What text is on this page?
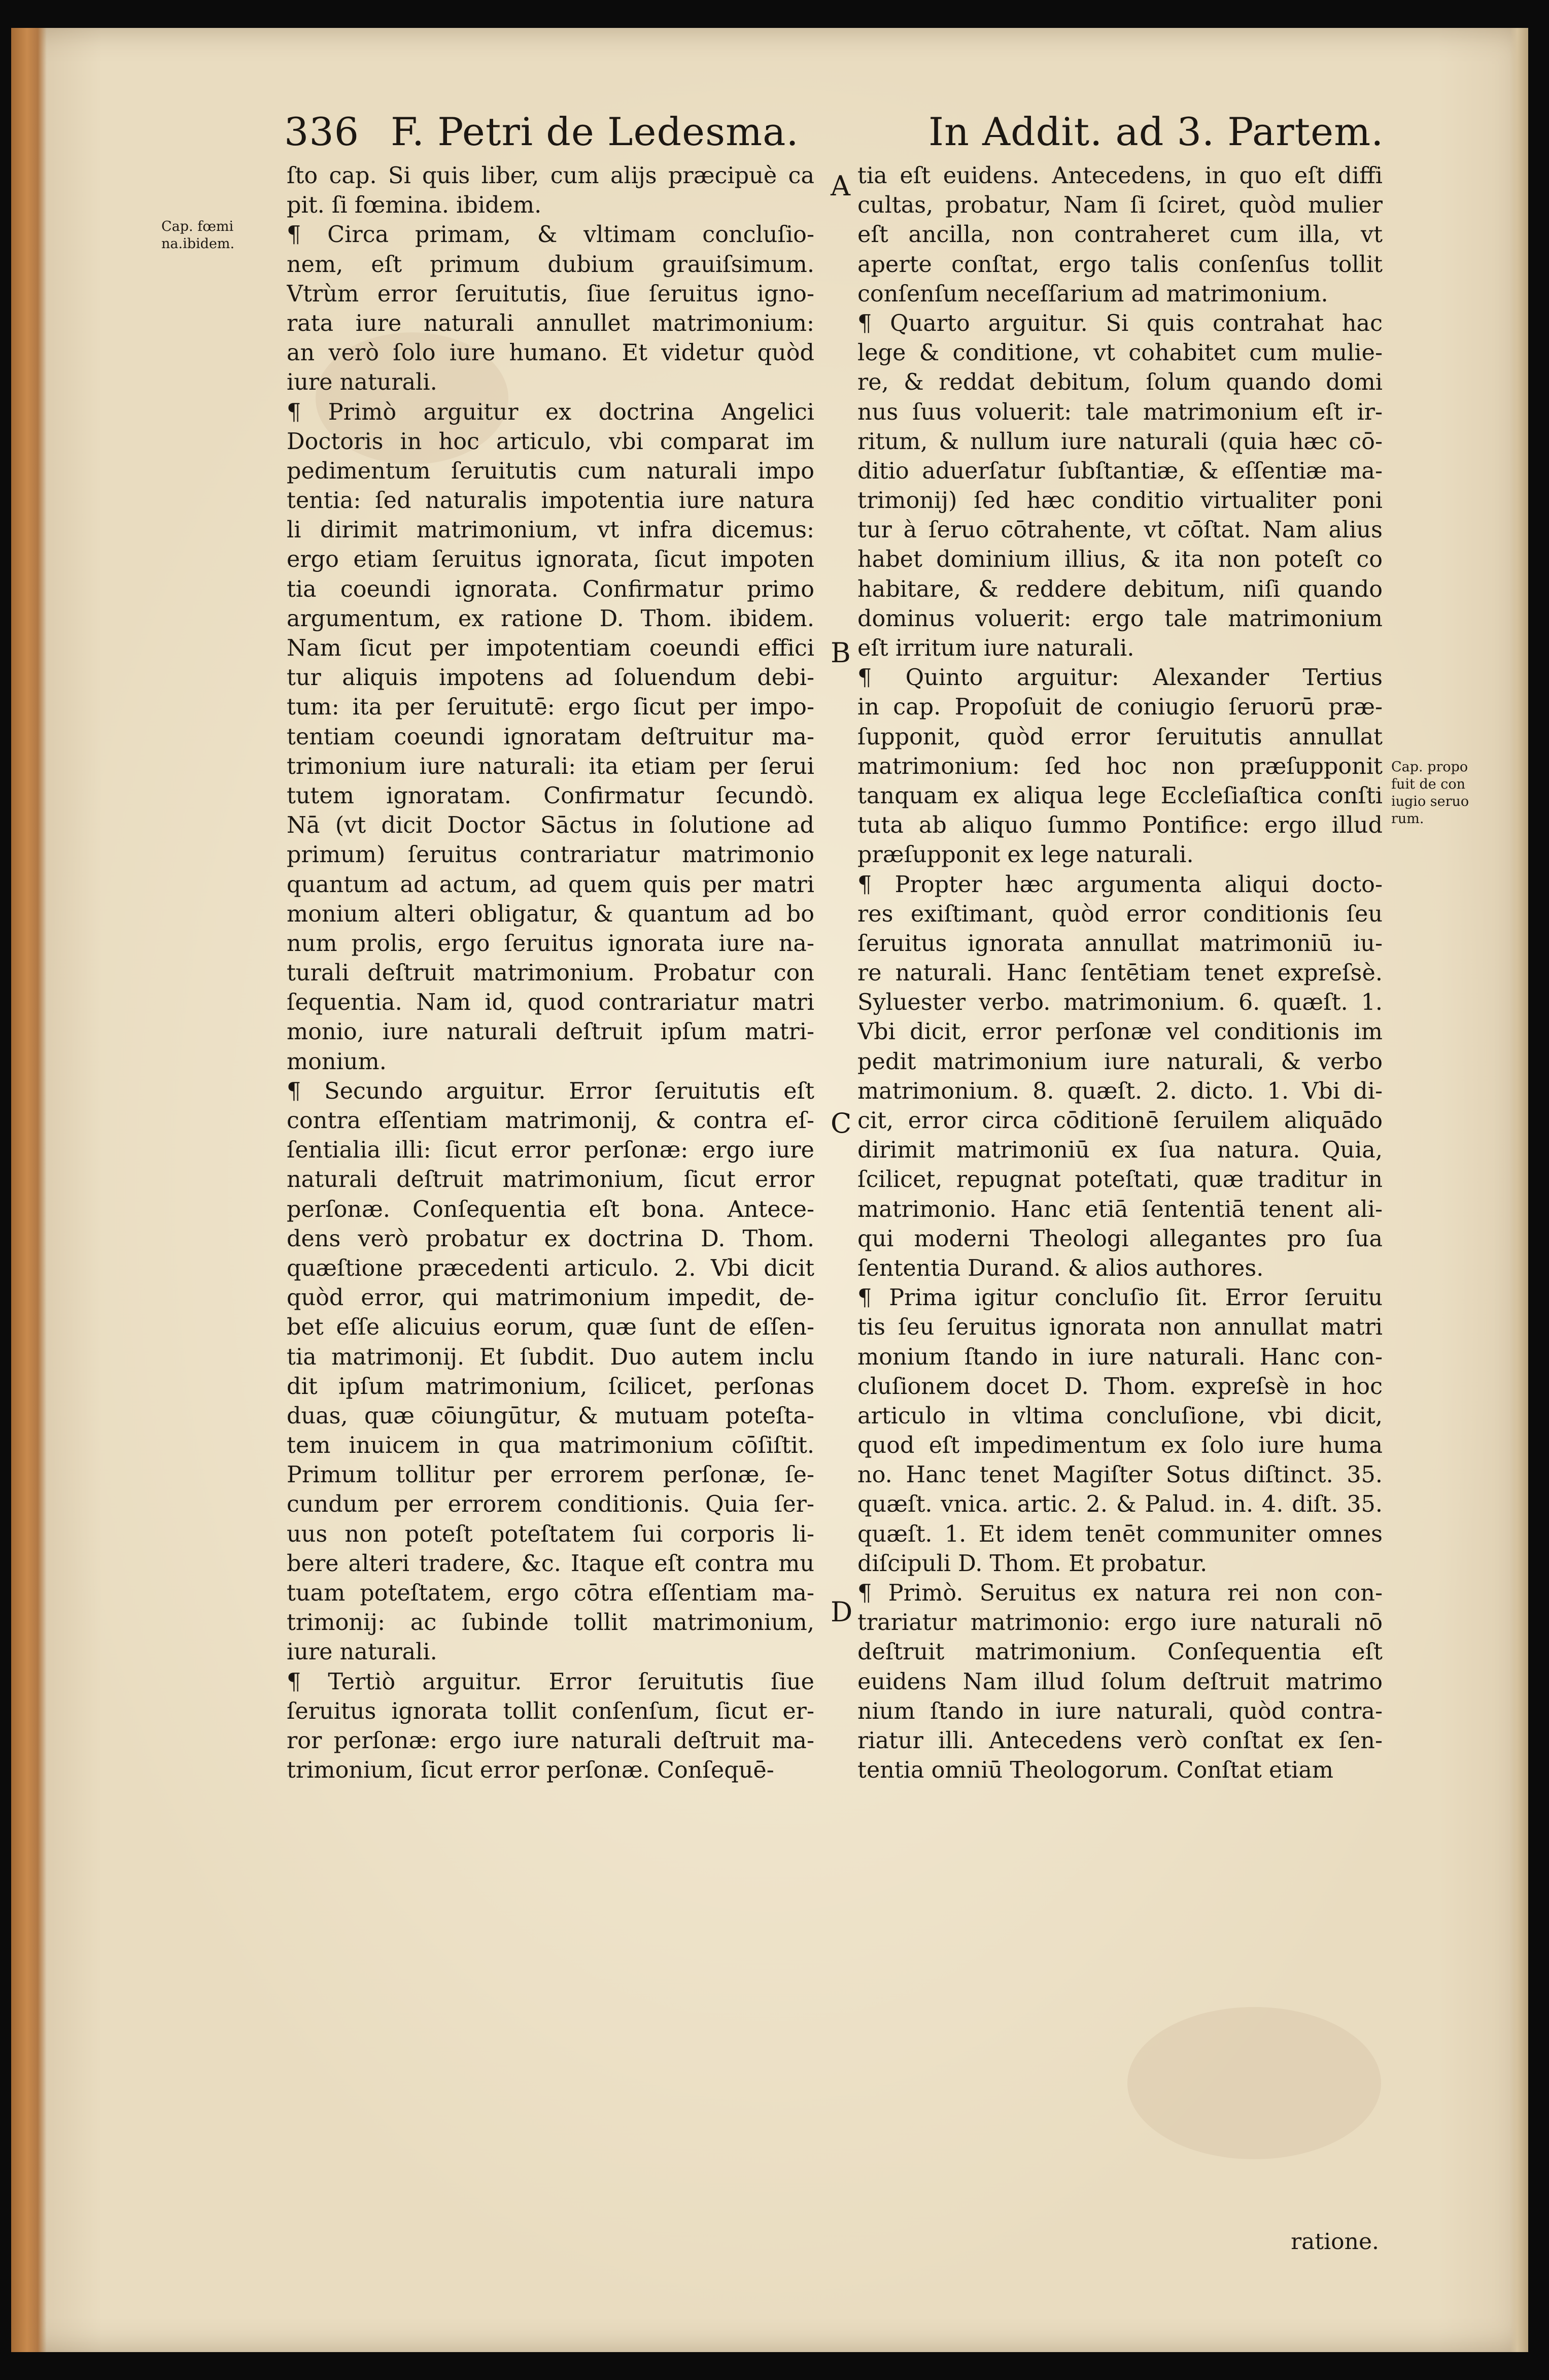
336 F. Petri de Ledesma.	In Addit. ad 3. Partem.
Cap. fœmi
na.ibidem.
Cap. propo
fuit de con
iugio seruo
rum.
A
B
C
D
ſto cap. Si quis liber, cum alijs præcipuè ca
pit. ſi fœmina. ibidem.
¶ Circa primam, & vltimam concluſio-
nem, eſt primum dubium grauiſsimum.
Vtrùm error ſeruitutis, ſiue ſeruitus igno-
rata iure naturali annullet matrimonium:
an verò ſolo iure humano. Et videtur quòd
iure naturali.
¶ Primò arguitur ex doctrina Angelici
Doctoris in hoc articulo, vbi comparat im
pedimentum ſeruitutis cum naturali impo
tentia: ſed naturalis impotentia iure natura
li dirimit matrimonium, vt infra dicemus:
ergo etiam ſeruitus ignorata, ſicut impoten
tia coeundi ignorata. Confirmatur primo
argumentum, ex ratione D. Thom. ibidem.
Nam ſicut per impotentiam coeundi effici
tur aliquis impotens ad ſoluendum debi-
tum: ita per ſeruitutē: ergo ſicut per impo-
tentiam coeundi ignoratam deſtruitur ma-
trimonium iure naturali: ita etiam per ſerui
tutem ignoratam. Confirmatur ſecundò.
Nā (vt dicit Doctor Sāctus in ſolutione ad
primum) ſeruitus contrariatur matrimonio
quantum ad actum, ad quem quis per matri
monium alteri obligatur, & quantum ad bo
num prolis, ergo ſeruitus ignorata iure na-
turali deſtruit matrimonium. Probatur con
ſequentia. Nam id, quod contrariatur matri
monio, iure naturali deſtruit ipſum matri-
monium.
¶ Secundo arguitur. Error ſeruitutis eſt
contra eſſentiam matrimonij, & contra eſ-
ſentialia illi: ſicut error perſonæ: ergo iure
naturali deſtruit matrimonium, ſicut error
perſonæ. Conſequentia eſt bona. Antece-
dens verò probatur ex doctrina D. Thom.
quæſtione præcedenti articulo. 2. Vbi dicit
quòd error, qui matrimonium impedit, de-
bet eſſe alicuius eorum, quæ ſunt de eſſen-
tia matrimonij. Et ſubdit. Duo autem inclu
dit ipſum matrimonium, ſcilicet, perſonas
duas, quæ cōiungūtur, & mutuam poteſta-
tem inuicem in qua matrimonium cōſiſtit.
Primum tollitur per errorem perſonæ, ſe-
cundum per errorem conditionis. Quia ſer-
uus non poteſt poteſtatem ſui corporis li-
bere alteri tradere, &c. Itaque eſt contra mu
tuam poteſtatem, ergo cōtra eſſentiam ma-
trimonij: ac ſubinde tollit matrimonium,
iure naturali.
¶ Tertiò arguitur. Error ſeruitutis ſiue
ſeruitus ignorata tollit conſenſum, ſicut er-
ror perſonæ: ergo iure naturali deſtruit ma-
trimonium, ſicut error perſonæ. Conſequē-
tia eſt euidens. Antecedens, in quo eſt diffi
cultas, probatur, Nam ſi ſciret, quòd mulier
eſt ancilla, non contraheret cum illa, vt
aperte conſtat, ergo talis conſenſus tollit
conſenſum neceſſarium ad matrimonium.
¶ Quarto arguitur. Si quis contrahat hac
lege & conditione, vt cohabitet cum mulie-
re, & reddat debitum, ſolum quando domi
nus ſuus voluerit: tale matrimonium eſt ir-
ritum, & nullum iure naturali (quia hæc cō-
ditio aduerſatur ſubſtantiæ, & eſſentiæ ma-
trimonij) ſed hæc conditio virtualiter poni
tur à ſeruo cōtrahente, vt cōſtat. Nam alius
habet dominium illius, & ita non poteſt co
habitare, & reddere debitum, niſi quando
dominus voluerit: ergo tale matrimonium
eſt irritum iure naturali.
¶ Quinto arguitur: Alexander Tertius
in cap. Propoſuit de coniugio ſeruorū præ-
ſupponit, quòd error ſeruitutis annullat
matrimonium: ſed hoc non præſupponit
tanquam ex aliqua lege Eccleſiaſtica conſti
tuta ab aliquo ſummo Pontifice: ergo illud
præſupponit ex lege naturali.
¶ Propter hæc argumenta aliqui docto-
res exiſtimant, quòd error conditionis ſeu
ſeruitus ignorata annullat matrimoniū iu-
re naturali. Hanc ſentētiam tenet expreſsè.
Syluester verbo. matrimonium. 6. quæſt. 1.
Vbi dicit, error perſonæ vel conditionis im
pedit matrimonium iure naturali, & verbo
matrimonium. 8. quæſt. 2. dicto. 1. Vbi di-
cit, error circa cōditionē ſeruilem aliquādo
dirimit matrimoniū ex ſua natura. Quia,
ſcilicet, repugnat poteſtati, quæ traditur in
matrimonio. Hanc etiā ſententiā tenent ali-
qui moderni Theologi allegantes pro ſua
ſententia Durand. & alios authores.
¶ Prima igitur concluſio ſit. Error ſeruitu
tis ſeu ſeruitus ignorata non annullat matri
monium ſtando in iure naturali. Hanc con-
cluſionem docet D. Thom. expreſsè in hoc
articulo in vltima concluſione, vbi dicit,
quod eſt impedimentum ex ſolo iure huma
no. Hanc tenet Magiſter Sotus diſtinct. 35.
quæſt. vnica. artic. 2. & Palud. in. 4. diſt. 35.
quæſt. 1. Et idem tenēt communiter omnes
diſcipuli D. Thom. Et probatur.
¶ Primò. Seruitus ex natura rei non con-
trariatur matrimonio: ergo iure naturali nō
deſtruit matrimonium. Conſequentia eſt
euidens Nam illud ſolum deſtruit matrimo
nium ſtando in iure naturali, quòd contra-
riatur illi. Antecedens verò conſtat ex ſen-
tentia omniū Theologorum. Conſtat etiam
ratione.
